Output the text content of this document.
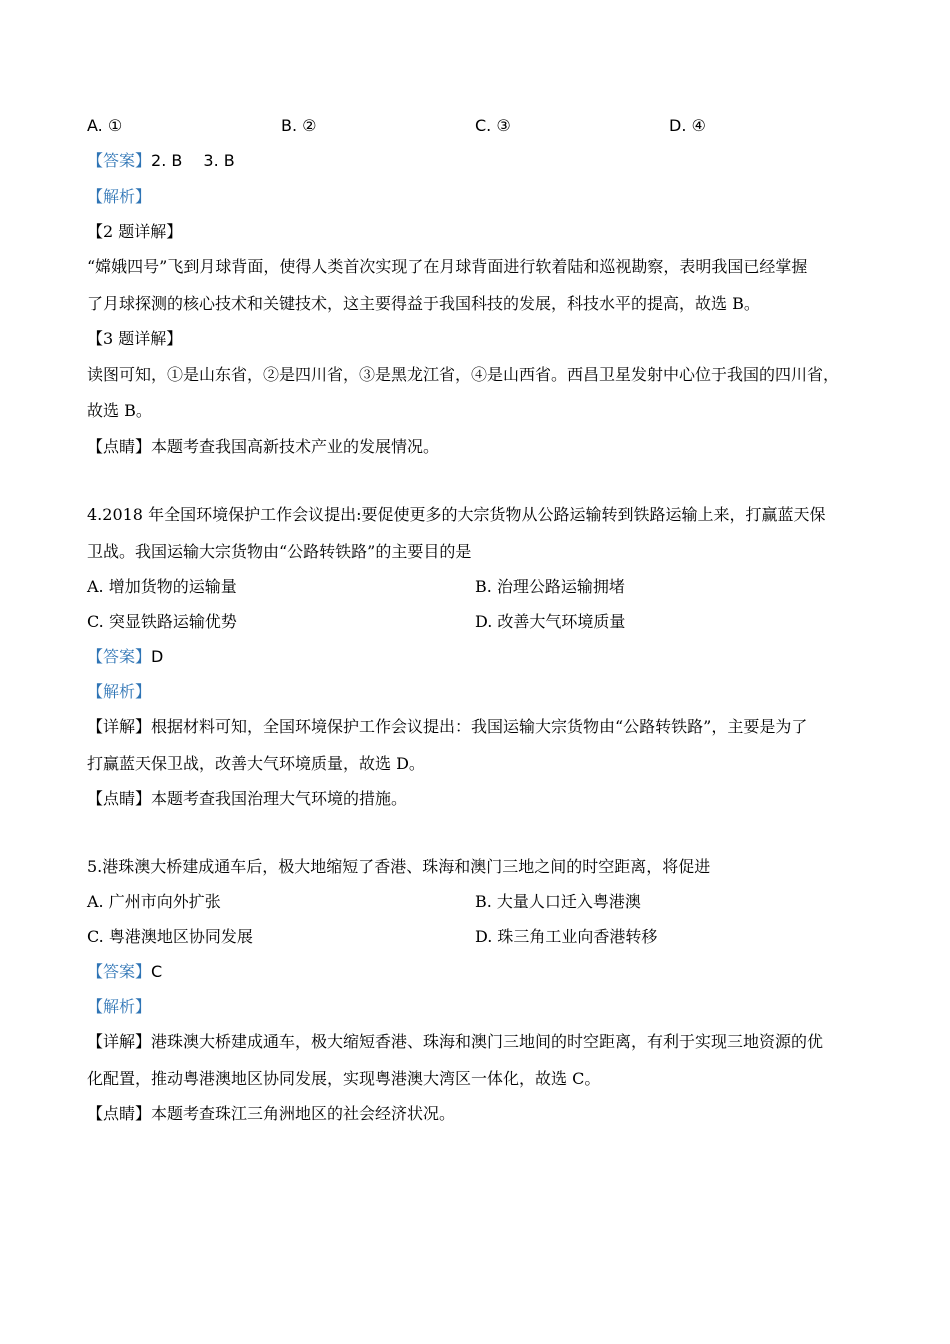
A. ①	B. ②	C. ③	D. ④
【答案】2. B　 3. B
【解析】
【2 题详解】
“嫦娥四号”飞到月球背面，使得人类首次实现了在月球背面进行软着陆和巡视勘察，表明我国已经掌握
了月球探测的核心技术和关键技术，这主要得益于我国科技的发展，科技水平的提高，故选 B。
【3 题详解】
读图可知，①是山东省，②是四川省，③是黑龙江省，④是山西省。西昌卫星发射中心位于我国的四川省，
故选 B。
【点睛】本题考查我国高新技术产业的发展情况。
4.2018 年全国环境保护工作会议提出:要促使更多的大宗货物从公路运输转到铁路运输上来，打赢蓝天保
卫战。我国运输大宗货物由“公路转铁路”的主要目的是
A. 增加货物的运输量	B. 治理公路运输拥堵
C. 突显铁路运输优势	D. 改善大气环境质量
【答案】D
【解析】
【详解】根据材料可知，全国环境保护工作会议提出：我国运输大宗货物由“公路转铁路”，主要是为了
打赢蓝天保卫战，改善大气环境质量，故选 D。
【点睛】本题考查我国治理大气环境的措施。
5.港珠澳大桥建成通车后，极大地缩短了香港、珠海和澳门三地之间的时空距离，将促进
A. 广州市向外扩张	B. 大量人口迁入粤港澳
C. 粤港澳地区协同发展	D. 珠三角工业向香港转移
【答案】C
【解析】
【详解】港珠澳大桥建成通车，极大缩短香港、珠海和澳门三地间的时空距离，有利于实现三地资源的优
化配置，推动粤港澳地区协同发展，实现粤港澳大湾区一体化，故选 C。
【点睛】本题考查珠江三角洲地区的社会经济状况。
